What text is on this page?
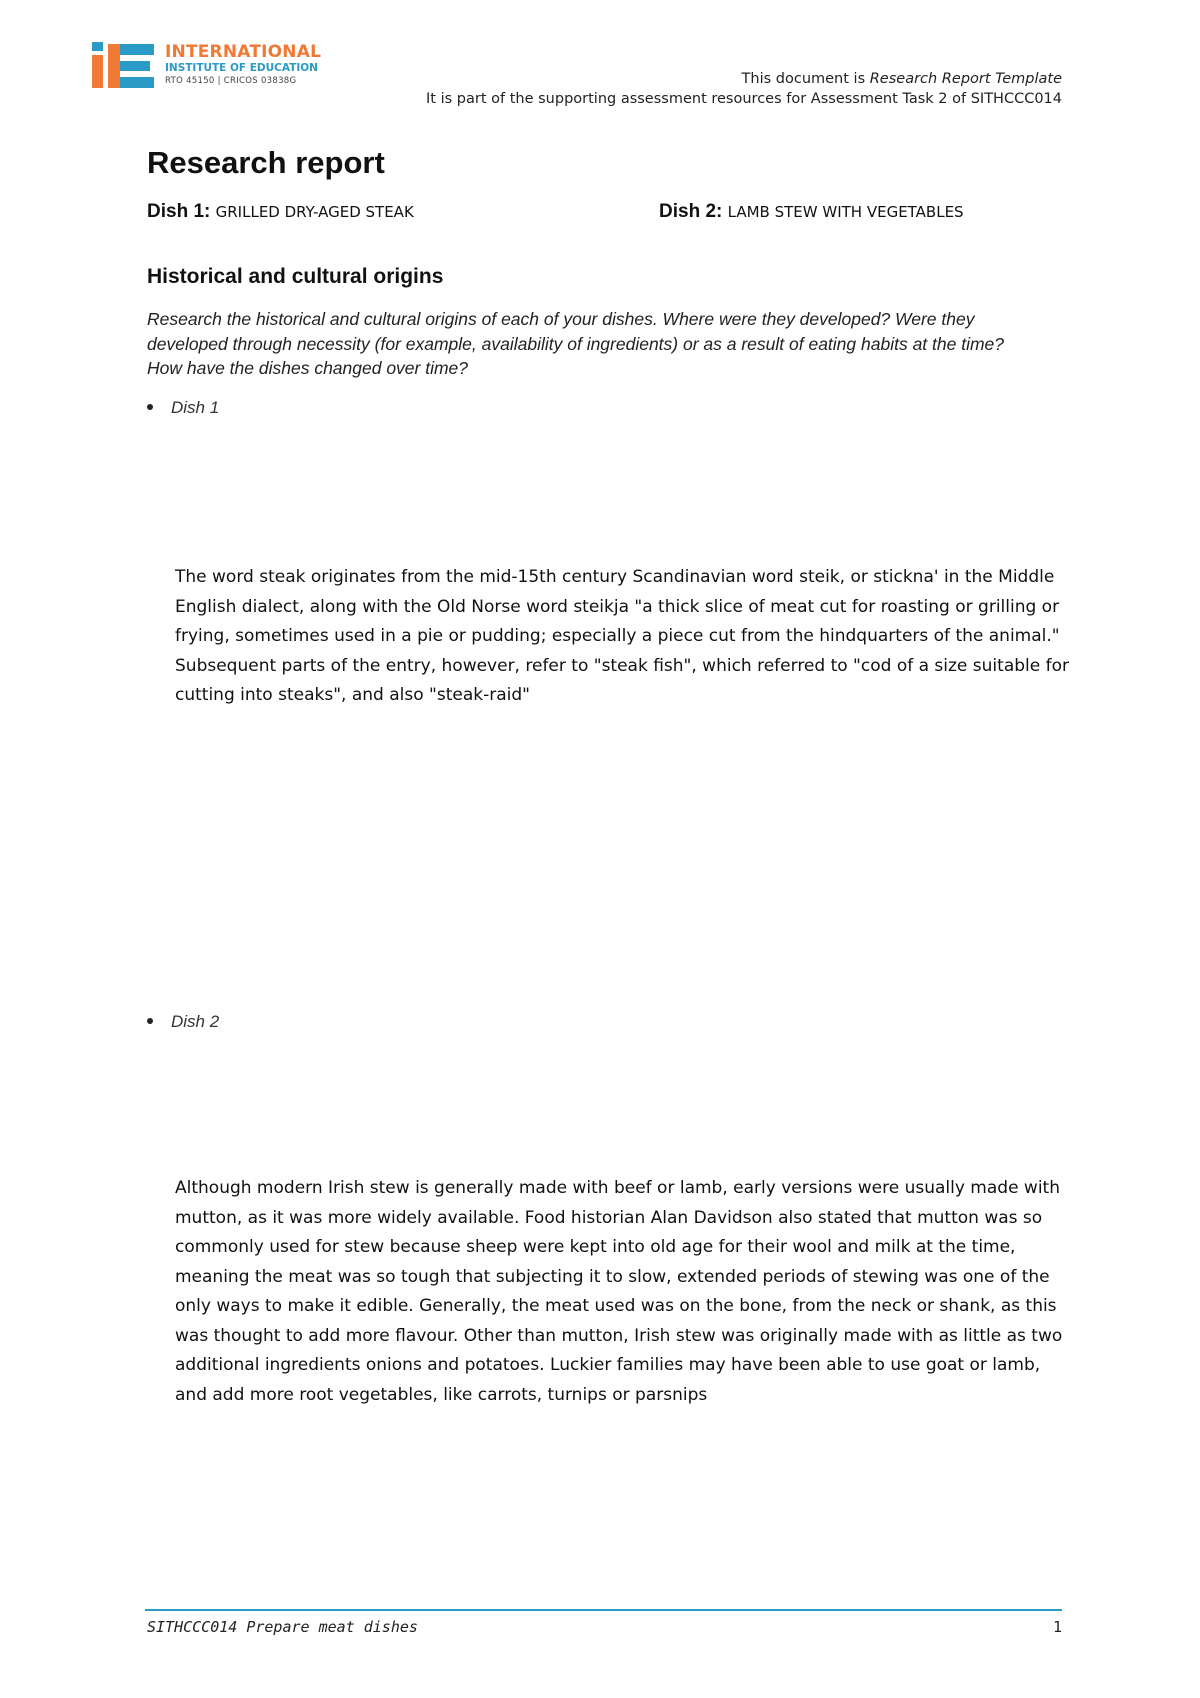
INTERNATIONAL
INSTITUTE OF EDUCATION
RTO 45150 | CRICOS 03838G	This document is Research Report Template
It is part of the supporting assessment resources for Assessment Task 2 of SITHCCC014
Research report
Dish 1: GRILLED DRY-AGED STEAK	Dish 2: LAMB STEW WITH VEGETABLES
Historical and cultural origins
Research the historical and cultural origins of each of your dishes. Where were they developed? Were they developed through necessity (for example, availability of ingredients) or as a result of eating habits at the time? How have the dishes changed over time?
Dish 1
The word steak originates from the mid-15th century Scandinavian word steik, or stickna' in the Middle English dialect, along with the Old Norse word steikja "a thick slice of meat cut for roasting or grilling or frying, sometimes used in a pie or pudding; especially a piece cut from the hindquarters of the animal." Subsequent parts of the entry, however, refer to "steak fish", which referred to "cod of a size suitable for cutting into steaks", and also "steak-raid"
Dish 2
Although modern Irish stew is generally made with beef or lamb, early versions were usually made with mutton, as it was more widely available. Food historian Alan Davidson also stated that mutton was so commonly used for stew because sheep were kept into old age for their wool and milk at the time, meaning the meat was so tough that subjecting it to slow, extended periods of stewing was one of the only ways to make it edible. Generally, the meat used was on the bone, from the neck or shank, as this was thought to add more flavour. Other than mutton, Irish stew was originally made with as little as two additional ingredients onions and potatoes. Luckier families may have been able to use goat or lamb, and add more root vegetables, like carrots, turnips or parsnips
SITHCCC014 Prepare meat dishes	1
